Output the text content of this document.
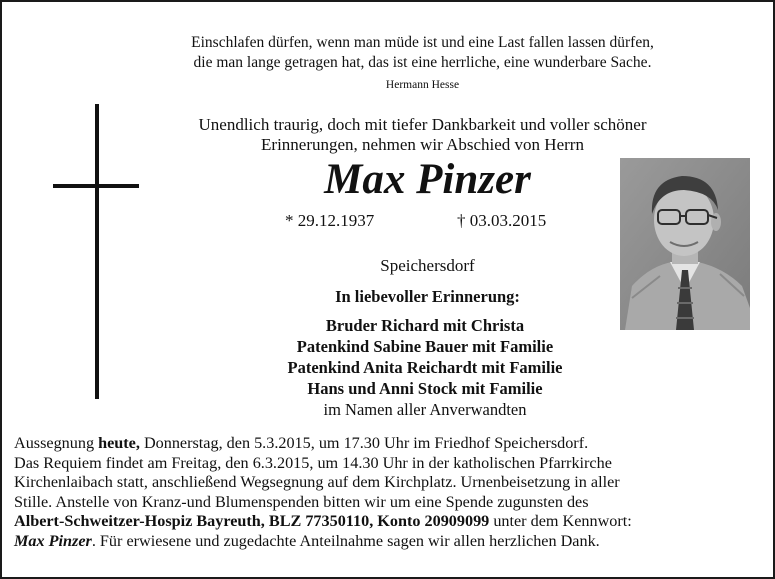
Einschlafen dürfen, wenn man müde ist und eine Last fallen lassen dürfen,
die man lange getragen hat, das ist eine herrliche, eine wunderbare Sache.
Hermann Hesse
Unendlich traurig, doch mit tiefer Dankbarkeit und voller schöner
Erinnerungen, nehmen wir Abschied von Herrn
Max Pinzer
* 29.12.1937	† 03.03.2015
Speichersdorf
In liebevoller Erinnerung:
Bruder Richard mit Christa
Patenkind Sabine Bauer mit Familie
Patenkind Anita Reichardt mit Familie
Hans und Anni Stock mit Familie
im Namen aller Anverwandten
Aussegnung heute, Donnerstag, den 5.3.2015, um 17.30 Uhr im Friedhof Speichersdorf.
Das Requiem findet am Freitag, den 6.3.2015, um 14.30 Uhr in der katholischen Pfarrkirche
Kirchenlaibach statt, anschließend Wegsegnung auf dem Kirchplatz. Urnenbeisetzung in aller
Stille. Anstelle von Kranz-und Blumenspenden bitten wir um eine Spende zugunsten des
Albert-Schweitzer-Hospiz Bayreuth, BLZ 77350110, Konto 20909099 unter dem Kennwort:
Max Pinzer. Für erwiesene und zugedachte Anteilnahme sagen wir allen herzlichen Dank.
